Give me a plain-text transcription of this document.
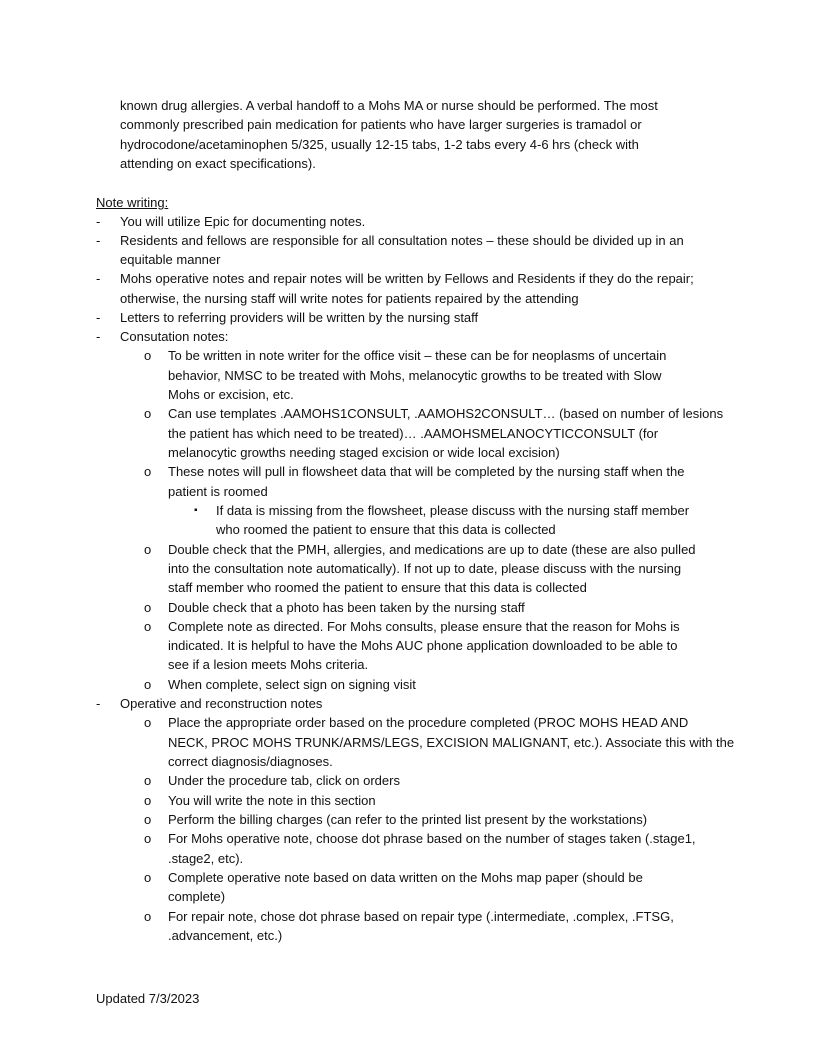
known drug allergies. A verbal handoff to a Mohs MA or nurse should be performed. The most
commonly prescribed pain medication for patients who have larger surgeries is tramadol or
hydrocodone/acetaminophen 5/325, usually 12-15 tabs, 1-2 tabs every 4-6 hrs (check with
attending on exact specifications).
Note writing:
- You will utilize Epic for documenting notes.
- Residents and fellows are responsible for all consultation notes – these should be divided up in an
equitable manner
- Mohs operative notes and repair notes will be written by Fellows and Residents if they do the repair;
otherwise, the nursing staff will write notes for patients repaired by the attending
- Letters to referring providers will be written by the nursing staff
- Consutation notes:
o To be written in note writer for the office visit – these can be for neoplasms of uncertain
behavior, NMSC to be treated with Mohs, melanocytic growths to be treated with Slow
Mohs or excision, etc.
o Can use templates .AAMOHS1CONSULT, .AAMOHS2CONSULT… (based on number of lesions
the patient has which need to be treated)… .AAMOHSMELANOCYTICCONSULT (for
melanocytic growths needing staged excision or wide local excision)
o These notes will pull in flowsheet data that will be completed by the nursing staff when the
patient is roomed
▪ If data is missing from the flowsheet, please discuss with the nursing staff member
who roomed the patient to ensure that this data is collected
o Double check that the PMH, allergies, and medications are up to date (these are also pulled
into the consultation note automatically). If not up to date, please discuss with the nursing
staff member who roomed the patient to ensure that this data is collected
o Double check that a photo has been taken by the nursing staff
o Complete note as directed. For Mohs consults, please ensure that the reason for Mohs is
indicated. It is helpful to have the Mohs AUC phone application downloaded to be able to
see if a lesion meets Mohs criteria.
o When complete, select sign on signing visit
- Operative and reconstruction notes
o Place the appropriate order based on the procedure completed (PROC MOHS HEAD AND
NECK, PROC MOHS TRUNK/ARMS/LEGS, EXCISION MALIGNANT, etc.). Associate this with the
correct diagnosis/diagnoses.
o Under the procedure tab, click on orders
o You will write the note in this section
o Perform the billing charges (can refer to the printed list present by the workstations)
o For Mohs operative note, choose dot phrase based on the number of stages taken (.stage1,
.stage2, etc).
o Complete operative note based on data written on the Mohs map paper (should be
complete)
o For repair note, chose dot phrase based on repair type (.intermediate, .complex, .FTSG,
.advancement, etc.)
Updated 7/3/2023
